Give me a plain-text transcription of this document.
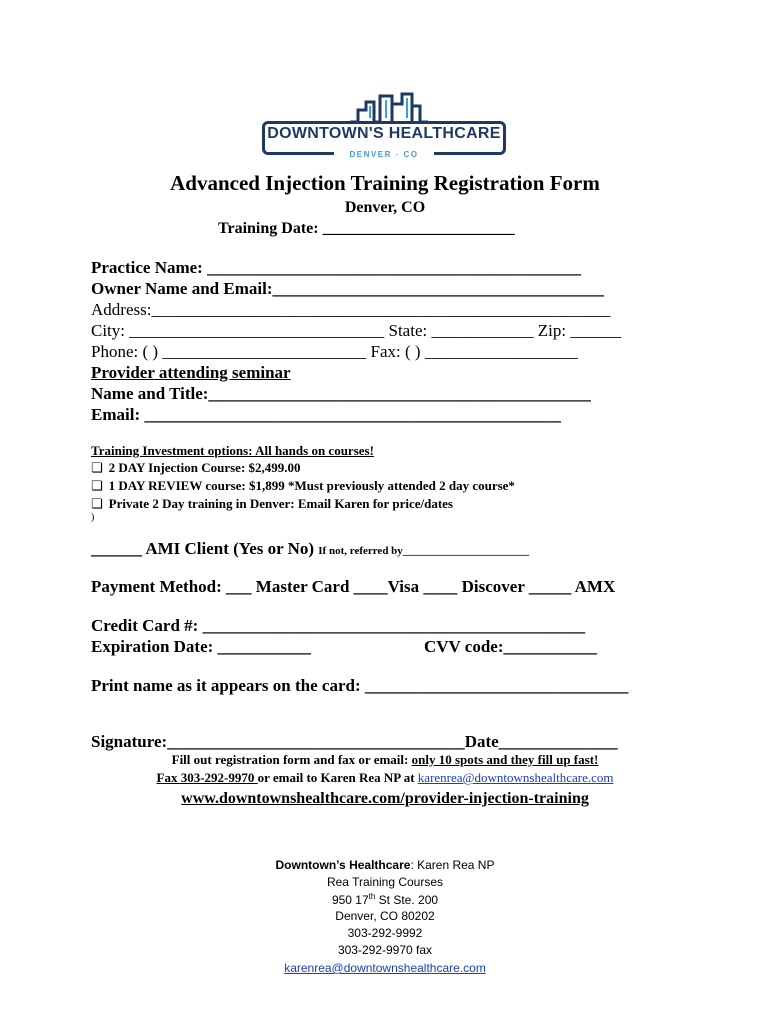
DOWNTOWN'S HEALTHCARE
DENVER · CO
Advanced Injection Training Registration Form
Denver, CO
Training Date: ________________________
Practice Name: ____________________________________________
Owner Name and Email:_______________________________________
Address:______________________________________________________
City: ______________________________ State: ____________ Zip: ______
Phone: ( ) ________________________ Fax: ( ) __________________
Provider attending seminar
Name and Title:_____________________________________________
Email: _________________________________________________
Training Investment options: All hands on courses!
❏ 2 DAY Injection Course: $2,499.00
❏ 1 DAY REVIEW course: $1,899 *Must previously attended 2 day course*
❏ Private 2 Day training in Denver: Email Karen for price/dates
)
______ AMI Client (Yes or No) If not, referred by_______________________
Payment Method: ___ Master Card ____Visa ____ Discover _____ AMX
Credit Card #: _____________________________________________
Expiration Date: ___________	CVV code:___________
Print name as it appears on the card: _______________________________
Signature:___________________________________Date______________
Fill out registration form and fax or email: only 10 spots and they fill up fast!
Fax 303-292-9970 or email to Karen Rea NP at karenrea@downtownshealthcare.com
www.downtownshealthcare.com/provider-injection-training
Downtown’s Healthcare: Karen Rea NP
Rea Training Courses
950 17th St Ste. 200
Denver, CO 80202
303-292-9992
303-292-9970 fax
karenrea@downtownshealthcare.com
